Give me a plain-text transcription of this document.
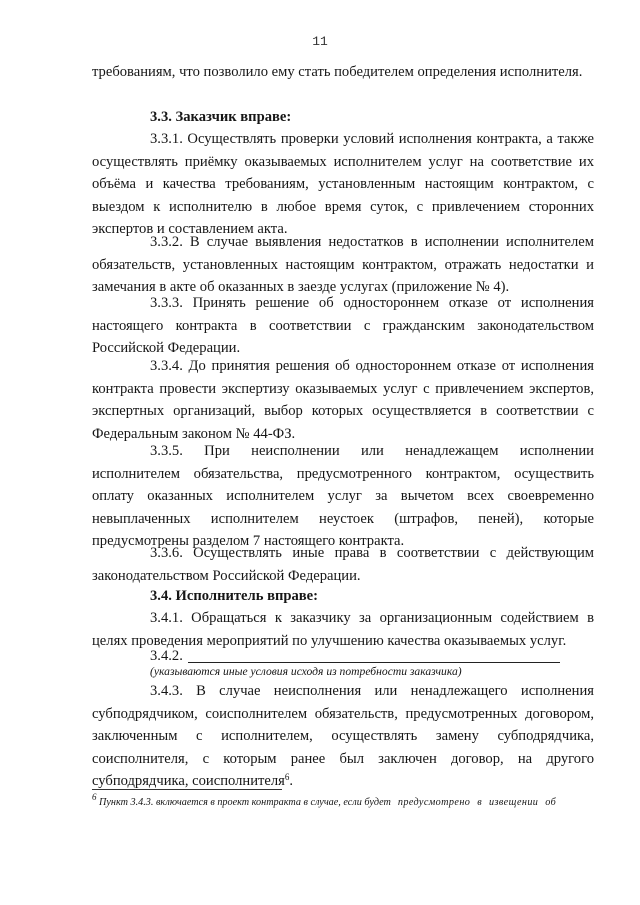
11

требованиям, что позволило ему стать победителем определения исполнителя.

3.3. Заказчик вправе:

3.3.1. Осуществлять проверки условий исполнения контракта, а также осуществлять приёмку оказываемых исполнителем услуг на соответствие их объёма и качества требованиям, установленным настоящим контрактом, с выездом к исполнителю в любое время суток, с привлечением сторонних экспертов и составлением акта.

3.3.2. В случае выявления недостатков в исполнении исполнителем обязательств, установленных настоящим контрактом, отражать недостатки и замечания в акте об оказанных в заезде услугах (приложение № 4).

3.3.3. Принять решение об одностороннем отказе от исполнения настоящего контракта в соответствии с гражданским законодательством Российской Федерации.

3.3.4. До принятия решения об одностороннем отказе от исполнения контракта провести экспертизу оказываемых услуг с привлечением экспертов, экспертных организаций, выбор которых осуществляется в соответствии с Федеральным законом № 44-ФЗ.

3.3.5. При неисполнении или ненадлежащем исполнении исполнителем обязательства, предусмотренного контрактом, осуществить оплату оказанных исполнителем услуг за вычетом всех своевременно невыплаченных исполнителем неустоек (штрафов, пеней), которые предусмотрены разделом 7 настоящего контракта.

3.3.6. Осуществлять иные права в соответствии с действующим законодательством Российской Федерации.

3.4. Исполнитель вправе:

3.4.1. Обращаться к заказчику за организационным содействием в целях проведения мероприятий по улучшению качества оказываемых услуг.

3.4.2.

(указываются иные условия исходя из потребности заказчика)

3.4.3. В случае неисполнения или ненадлежащего исполнения субподрядчиком, соисполнителем обязательств, предусмотренных договором, заключенным с исполнителем, осуществлять замену субподрядчика, соисполнителя, с которым ранее был заключен договор, на другого субподрядчика, соисполнителя$^6$.

$^6$ Пункт 3.4.3. включается в проект контракта в случае, если будет предусмотрено в извещении об
